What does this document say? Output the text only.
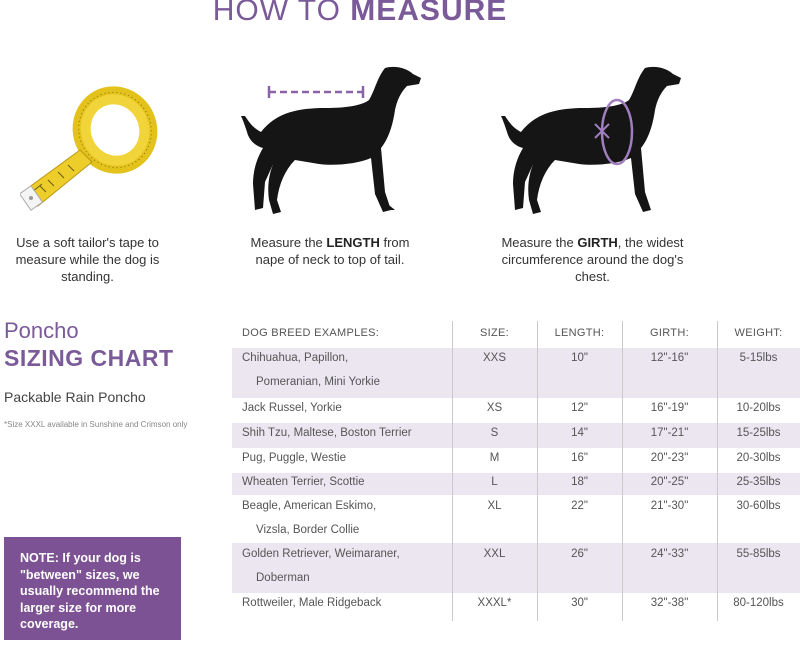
HOW TO MEASURE
Use a soft tailor's tape to measure while the dog is standing.
Measure the LENGTH from nape of neck to top of tail.
Measure the GIRTH, the widest circumference around the dog's chest.
Poncho
SIZING CHART
Packable Rain Poncho
*Size XXXL available in Sunshine and Crimson only
NOTE: If your dog is "between" sizes, we usually recommend the larger size for more coverage.
DOG BREED EXAMPLES:	SIZE:	LENGTH:	GIRTH:	WEIGHT:
Chihuahua, Papillon,
Pomeranian, Mini Yorkie
XXS	10"	12"-16"	5-15lbs
Jack Russel, Yorkie	XS	12"	16"-19"	10-20lbs
Shih Tzu, Maltese, Boston Terrier	S	14"	17"-21"	15-25lbs
Pug, Puggle, Westie	M	16"	20"-23"	20-30lbs
Wheaten Terrier, Scottie	L	18"	20"-25"	25-35lbs
Beagle, American Eskimo,
Vizsla, Border Collie
XL	22"	21"-30"	30-60lbs
Golden Retriever, Weimaraner,
Doberman
XXL	26"	24"-33"	55-85lbs
Rottweiler, Male Ridgeback	XXXL*	30"	32"-38"	80-120lbs
